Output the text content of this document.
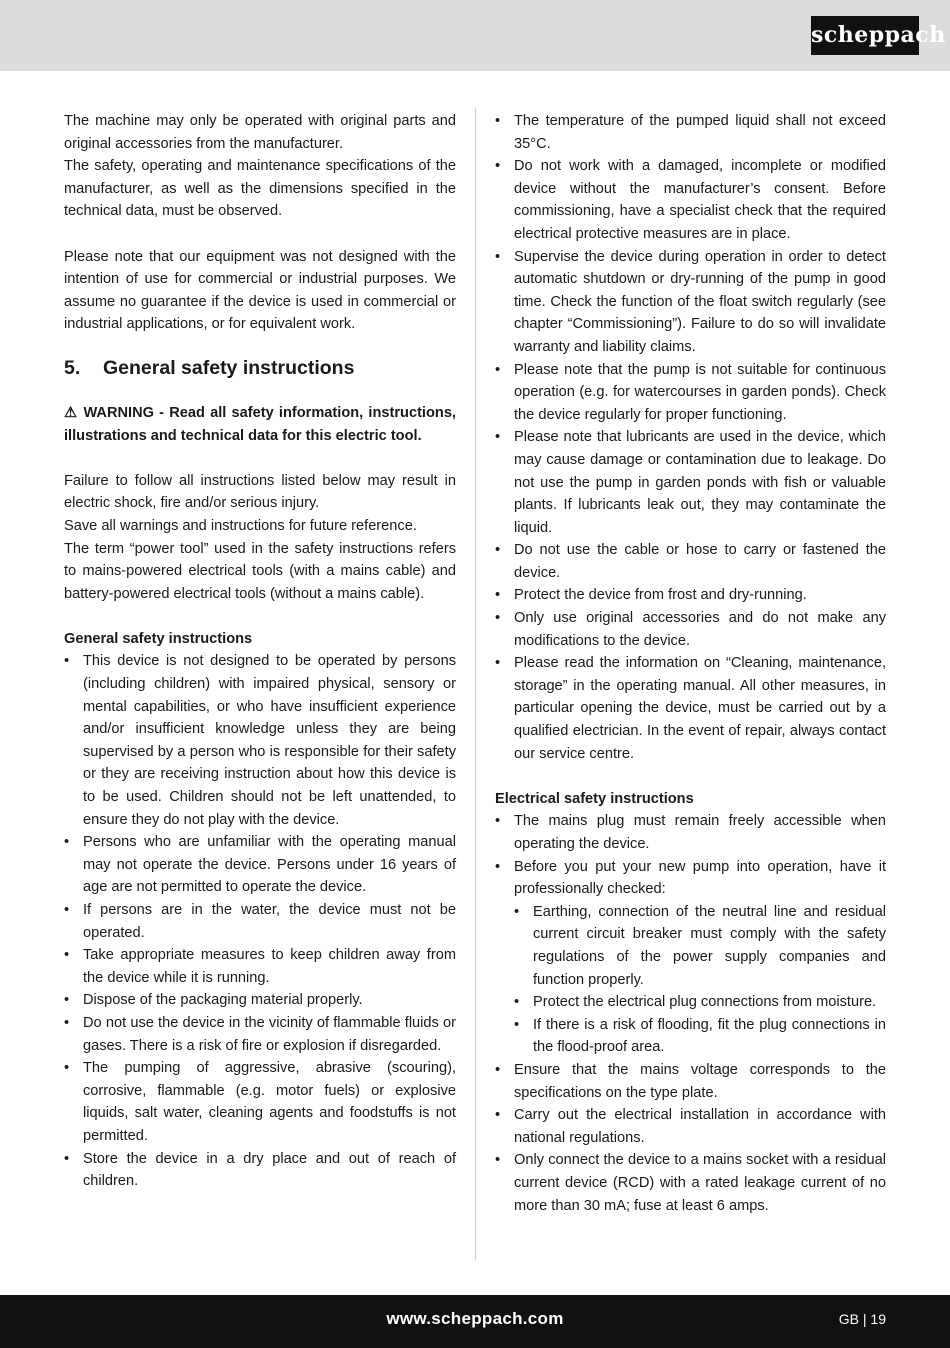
scheppach

The machine may only be operated with original parts and original accessories from the manufacturer.

The safety, operating and maintenance specifications of the manufacturer, as well as the dimensions specified in the technical data, must be observed.

Please note that our equipment was not designed with the intention of use for commercial or industrial purposes. We assume no guarantee if the device is used in commercial or industrial applications, or for equivalent work.

5.	General safety instructions

⚠ WARNING - Read all safety information, instructions, illustrations and technical data for this electric tool.

Failure to follow all instructions listed below may result in electric shock, fire and/or serious injury.

Save all warnings and instructions for future reference.

The term “power tool” used in the safety instructions refers to mains-powered electrical tools (with a mains cable) and battery-powered electrical tools (without a mains cable).

General safety instructions

• This device is not designed to be operated by persons (including children) with impaired physical, sensory or mental capabilities, or who have insufficient experience and/or insufficient knowledge unless they are being supervised by a person who is responsible for their safety or they are receiving instruction about how this device is to be used. Children should not be left unattended, to ensure they do not play with the device.
• Persons who are unfamiliar with the operating manual may not operate the device. Persons under 16 years of age are not permitted to operate the device.
• If persons are in the water, the device must not be operated.
• Take appropriate measures to keep children away from the device while it is running.
• Dispose of the packaging material properly.
• Do not use the device in the vicinity of flammable fluids or gases. There is a risk of fire or explosion if disregarded.
• The pumping of aggressive, abrasive (scouring), corrosive, flammable (e.g. motor fuels) or explosive liquids, salt water, cleaning agents and foodstuffs is not permitted.
• Store the device in a dry place and out of reach of children.
• The temperature of the pumped liquid shall not exceed 35°C.
• Do not work with a damaged, incomplete or modified device without the manufacturer’s consent. Before commissioning, have a specialist check that the required electrical protective measures are in place.
• Supervise the device during operation in order to detect automatic shutdown or dry-running of the pump in good time. Check the function of the float switch regularly (see chapter “Commissioning”). Failure to do so will invalidate warranty and liability claims.
• Please note that the pump is not suitable for continuous operation (e.g. for watercourses in garden ponds). Check the device regularly for proper functioning.
• Please note that lubricants are used in the device, which may cause damage or contamination due to leakage. Do not use the pump in garden ponds with fish or valuable plants. If lubricants leak out, they may contaminate the liquid.
• Do not use the cable or hose to carry or fastened the device.
• Protect the device from frost and dry-running.
• Only use original accessories and do not make any modifications to the device.
• Please read the information on “Cleaning, maintenance, storage” in the operating manual. All other measures, in particular opening the device, must be carried out by a qualified electrician. In the event of repair, always contact our service centre.

Electrical safety instructions

• The mains plug must remain freely accessible when operating the device.
• Before you put your new pump into operation, have it professionally checked:
• Earthing, connection of the neutral line and residual current circuit breaker must comply with the safety regulations of the power supply companies and function properly.
• Protect the electrical plug connections from moisture.
• If there is a risk of flooding, fit the plug connections in the flood-proof area.
• Ensure that the mains voltage corresponds to the specifications on the type plate.
• Carry out the electrical installation in accordance with national regulations.
• Only connect the device to a mains socket with a residual current device (RCD) with a rated leakage current of no more than 30 mA; fuse at least 6 amps.
www.scheppach.com	GB | 19
